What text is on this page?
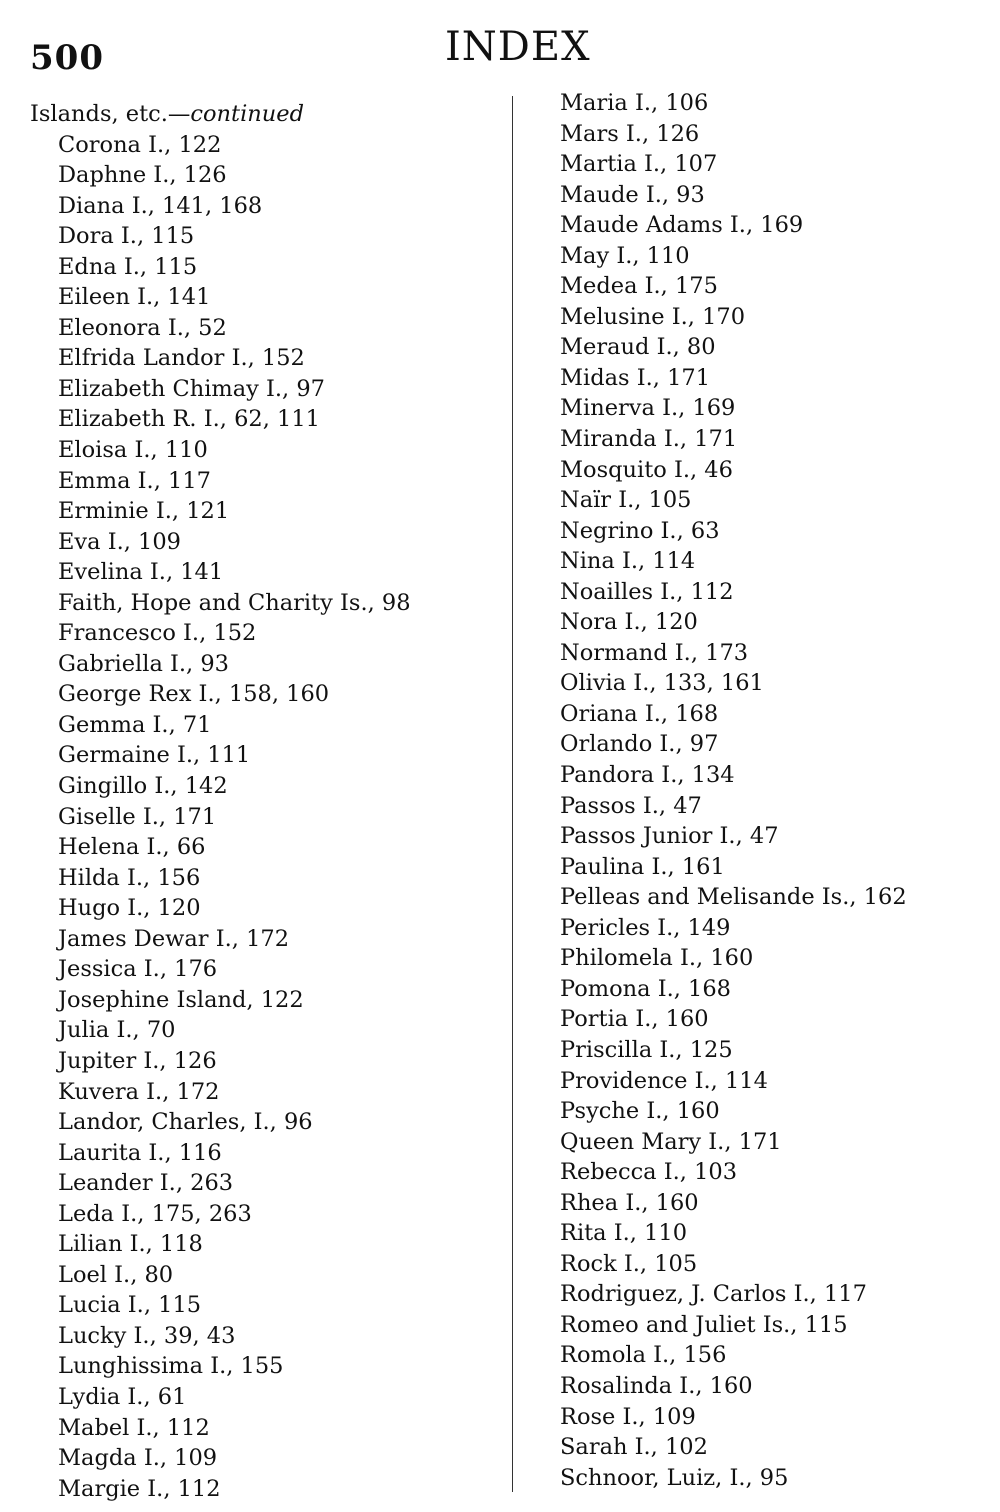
500	INDEX
Islands, etc.—continued
Corona I., 122
Daphne I., 126
Diana I., 141, 168
Dora I., 115
Edna I., 115
Eileen I., 141
Eleonora I., 52
Elfrida Landor I., 152
Elizabeth Chimay I., 97
Elizabeth R. I., 62, 111
Eloisa I., 110
Emma I., 117
Erminie I., 121
Eva I., 109
Evelina I., 141
Faith, Hope and Charity Is., 98
Francesco I., 152
Gabriella I., 93
George Rex I., 158, 160
Gemma I., 71
Germaine I., 111
Gingillo I., 142
Giselle I., 171
Helena I., 66
Hilda I., 156
Hugo I., 120
James Dewar I., 172
Jessica I., 176
Josephine Island, 122
Julia I., 70
Jupiter I., 126
Kuvera I., 172
Landor, Charles, I., 96
Laurita I., 116
Leander I., 263
Leda I., 175, 263
Lilian I., 118
Loel I., 80
Lucia I., 115
Lucky I., 39, 43
Lunghissima I., 155
Lydia I., 61
Mabel I., 112
Magda I., 109
Margie I., 112
Maria I., 106
Mars I., 126
Martia I., 107
Maude I., 93
Maude Adams I., 169
May I., 110
Medea I., 175
Melusine I., 170
Meraud I., 80
Midas I., 171
Minerva I., 169
Miranda I., 171
Mosquito I., 46
Naïr I., 105
Negrino I., 63
Nina I., 114
Noailles I., 112
Nora I., 120
Normand I., 173
Olivia I., 133, 161
Oriana I., 168
Orlando I., 97
Pandora I., 134
Passos I., 47
Passos Junior I., 47
Paulina I., 161
Pelleas and Melisande Is., 162
Pericles I., 149
Philomela I., 160
Pomona I., 168
Portia I., 160
Priscilla I., 125
Providence I., 114
Psyche I., 160
Queen Mary I., 171
Rebecca I., 103
Rhea I., 160
Rita I., 110
Rock I., 105
Rodriguez, J. Carlos I., 117
Romeo and Juliet Is., 115
Romola I., 156
Rosalinda I., 160
Rose I., 109
Sarah I., 102
Schnoor, Luiz, I., 95
